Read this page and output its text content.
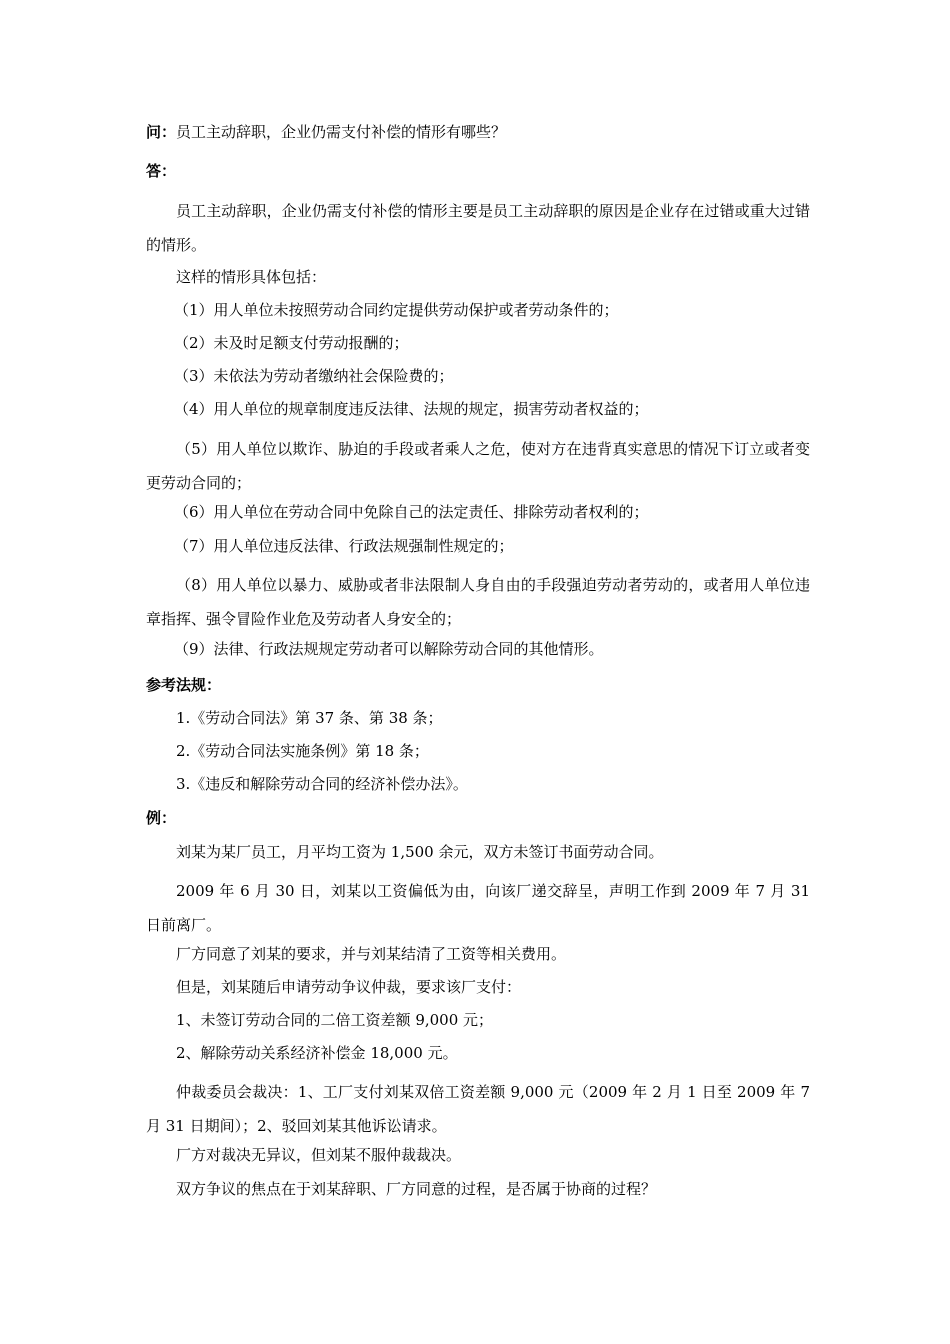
问：员工主动辞职，企业仍需支付补偿的情形有哪些？

答：

员工主动辞职，企业仍需支付补偿的情形主要是员工主动辞职的原因是企业存在过错或重大过错的情形。

这样的情形具体包括：

（1）用人单位未按照劳动合同约定提供劳动保护或者劳动条件的；

（2）未及时足额支付劳动报酬的；

（3）未依法为劳动者缴纳社会保险费的；

（4）用人单位的规章制度违反法律、法规的规定，损害劳动者权益的；

（5）用人单位以欺诈、胁迫的手段或者乘人之危，使对方在违背真实意思的情况下订立或者变更劳动合同的；

（6）用人单位在劳动合同中免除自己的法定责任、排除劳动者权利的；

（7）用人单位违反法律、行政法规强制性规定的；

（8）用人单位以暴力、威胁或者非法限制人身自由的手段强迫劳动者劳动的，或者用人单位违章指挥、强令冒险作业危及劳动者人身安全的；

（9）法律、行政法规规定劳动者可以解除劳动合同的其他情形。

参考法规：

1.《劳动合同法》第 37 条、第 38 条；

2.《劳动合同法实施条例》第 18 条；

3.《违反和解除劳动合同的经济补偿办法》。

例：

刘某为某厂员工，月平均工资为 1,500 余元，双方未签订书面劳动合同。

2009 年 6 月 30 日，刘某以工资偏低为由，向该厂递交辞呈，声明工作到 2009 年 7 月 31 日前离厂。

厂方同意了刘某的要求，并与刘某结清了工资等相关费用。

但是，刘某随后申请劳动争议仲裁，要求该厂支付：

1、未签订劳动合同的二倍工资差额 9,000 元；

2、解除劳动关系经济补偿金 18,000 元。

仲裁委员会裁决：1、工厂支付刘某双倍工资差额 9,000 元（2009 年 2 月 1 日至 2009 年 7 月 31 日期间）；2、驳回刘某其他诉讼请求。

厂方对裁决无异议，但刘某不服仲裁裁决。

双方争议的焦点在于刘某辞职、厂方同意的过程，是否属于协商的过程？
